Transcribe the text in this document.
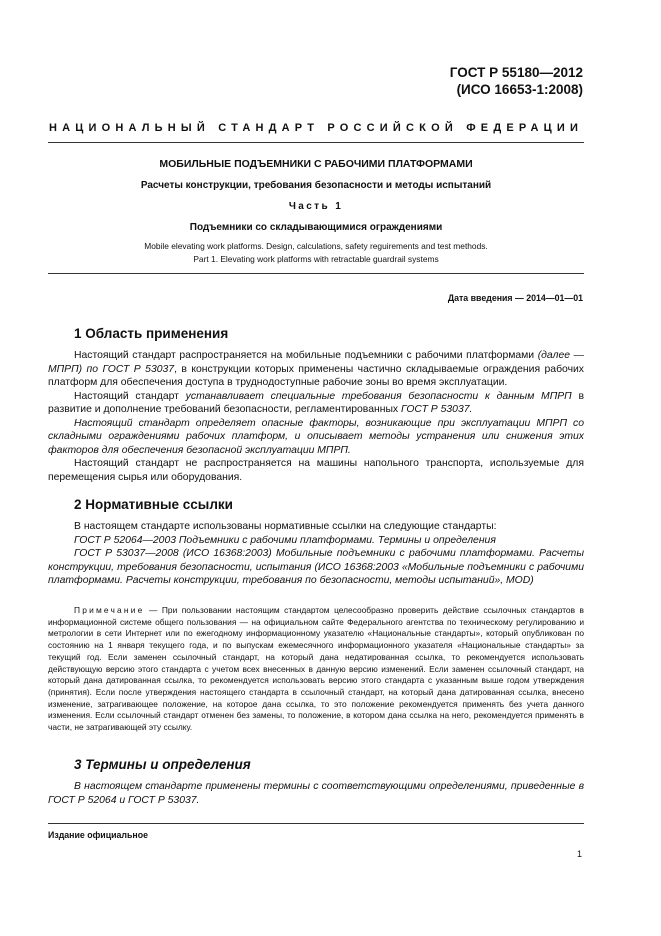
ГОСТ Р 55180—2012
(ИСО 16653-1:2008)
НАЦИОНАЛЬНЫЙ СТАНДАРТ РОССИЙСКОЙ ФЕДЕРАЦИИ
МОБИЛЬНЫЕ ПОДЪЕМНИКИ С РАБОЧИМИ ПЛАТФОРМАМИ
Расчеты конструкции, требования безопасности и методы испытаний
Часть 1
Подъемники со складывающимися ограждениями
Mobile elevating work platforms. Design, calculations, safety reguirements and test methods.
Part 1. Elevating work platforms with retractable guardrail systems
Дата введения — 2014—01—01
1 Область применения

Настоящий стандарт распространяется на мобильные подъемники с рабочими платформами (далее — МПРП) по ГОСТ Р 53037, в конструкции которых применены частично складываемые ограждения рабочих платформ для обеспечения доступа в труднодоступные рабочие зоны во время эксплуатации.

Настоящий стандарт устанавливает специальные требования безопасности к данным МПРП в развитие и дополнение требований безопасности, регламентированных ГОСТ Р 53037.

Настоящий стандарт определяет опасные факторы, возникающие при эксплуатации МПРП со складными ограждениями рабочих платформ, и описывает методы устранения или снижения этих факторов для обеспечения безопасной эксплуатации МПРП.

Настоящий стандарт не распространяется на машины напольного транспорта, используемые для перемещения сырья или оборудования.

2 Нормативные ссылки

В настоящем стандарте использованы нормативные ссылки на следующие стандарты:

ГОСТ Р 52064—2003 Подъемники с рабочими платформами. Термины и определения

ГОСТ Р 53037—2008 (ИСО 16368:2003) Мобильные подъемники с рабочими платформами. Расчеты конструкции, требования безопасности, испытания (ИСО 16368:2003 «Мобильные подъемники с рабочими платформами. Расчеты конструкции, требования по безопасности, методы испытаний», MOD)

Примечание — При пользовании настоящим стандартом целесообразно проверить действие ссылочных стандартов в информационной системе общего пользования — на официальном сайте Федерального агентства по техническому регулированию и метрологии в сети Интернет или по ежегодному информационному указателю «Национальные стандарты», который опубликован по состоянию на 1 января текущего года, и по выпускам ежемесячного информационного указателя «Национальные стандарты» за текущий год. Если заменен ссылочный стандарт, на который дана недатированная ссылка, то рекомендуется использовать действующую версию этого стандарта с учетом всех внесенных в данную версию изменений. Если заменен ссылочный стандарт, на который дана датированная ссылка, то рекомендуется использовать версию этого стандарта с указанным выше годом утверждения (принятия). Если после утверждения настоящего стандарта в ссылочный стандарт, на который дана датированная ссылка, внесено изменение, затрагивающее положение, на которое дана ссылка, то это положение рекомендуется применять без учета данного изменения. Если ссылочный стандарт отменен без замены, то положение, в котором дана ссылка на него, рекомендуется применять в части, не затрагивающей эту ссылку.

3 Термины и определения

В настоящем стандарте применены термины с соответствующими определениями, приведенные в ГОСТ Р 52064 и ГОСТ Р 53037.

Издание официальное
1
